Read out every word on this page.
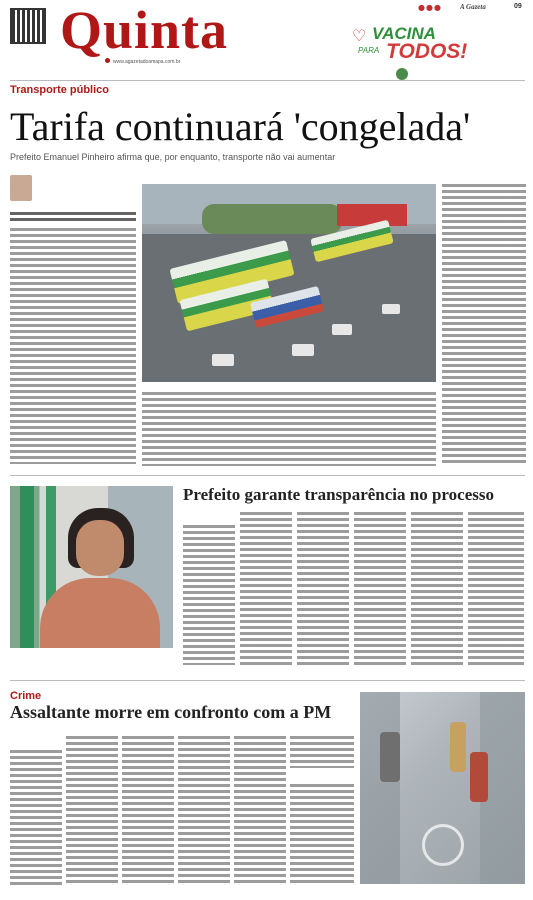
Quinta
www.agazetadoamapa.com.br
●●●	A Gazeta	09
♡ VACINA
PARA TODOS!
Transporte público
Tarifa continuará 'congelada'
Prefeito Emanuel Pinheiro afirma que, por enquanto, transporte não vai aumentar
Prefeito garante transparência no processo
Crime
Assaltante morre em confronto com a PM
